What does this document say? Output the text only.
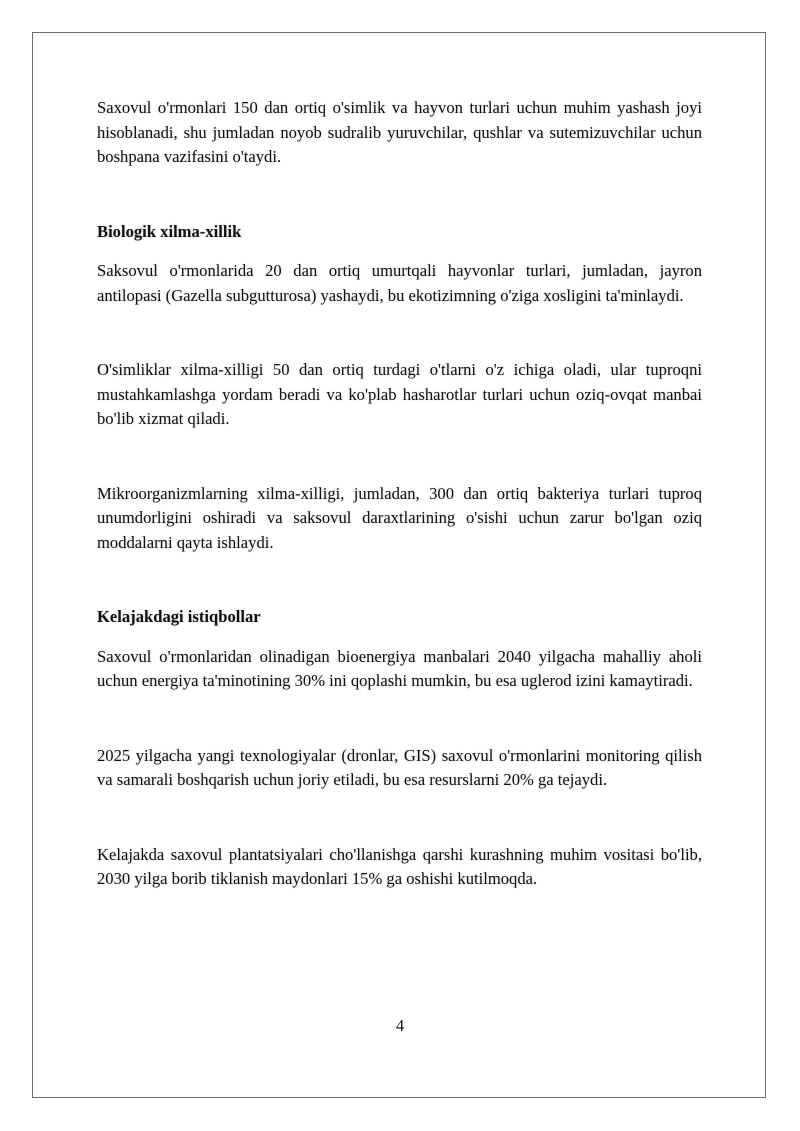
Saxovul o'rmonlari 150 dan ortiq o'simlik va hayvon turlari uchun muhim yashash joyi hisoblanadi, shu jumladan noyob sudralib yuruvchilar, qushlar va sutemizuvchilar uchun boshpana vazifasini o'taydi.

Biologik xilma-xillik

Saksovul o'rmonlarida 20 dan ortiq umurtqali hayvonlar turlari, jumladan, jayron antilopasi (Gazella subgutturosa) yashaydi, bu ekotizimning o'ziga xosligini ta'minlaydi.

O'simliklar xilma-xilligi 50 dan ortiq turdagi o'tlarni o'z ichiga oladi, ular tuproqni mustahkamlashga yordam beradi va ko'plab hasharotlar turlari uchun oziq-ovqat manbai bo'lib xizmat qiladi.

Mikroorganizmlarning xilma-xilligi, jumladan, 300 dan ortiq bakteriya turlari tuproq unumdorligini oshiradi va saksovul daraxtlarining o'sishi uchun zarur bo'lgan oziq moddalarni qayta ishlaydi.

Kelajakdagi istiqbollar

Saxovul o'rmonlaridan olinadigan bioenergiya manbalari 2040 yilgacha mahalliy aholi uchun energiya ta'minotining 30% ini qoplashi mumkin, bu esa uglerod izini kamaytiradi.

2025 yilgacha yangi texnologiyalar (dronlar, GIS) saxovul o'rmonlarini monitoring qilish va samarali boshqarish uchun joriy etiladi, bu esa resurslarni 20% ga tejaydi.

Kelajakda saxovul plantatsiyalari cho'llanishga qarshi kurashning muhim vositasi bo'lib, 2030 yilga borib tiklanish maydonlari 15% ga oshishi kutilmoqda.

4
